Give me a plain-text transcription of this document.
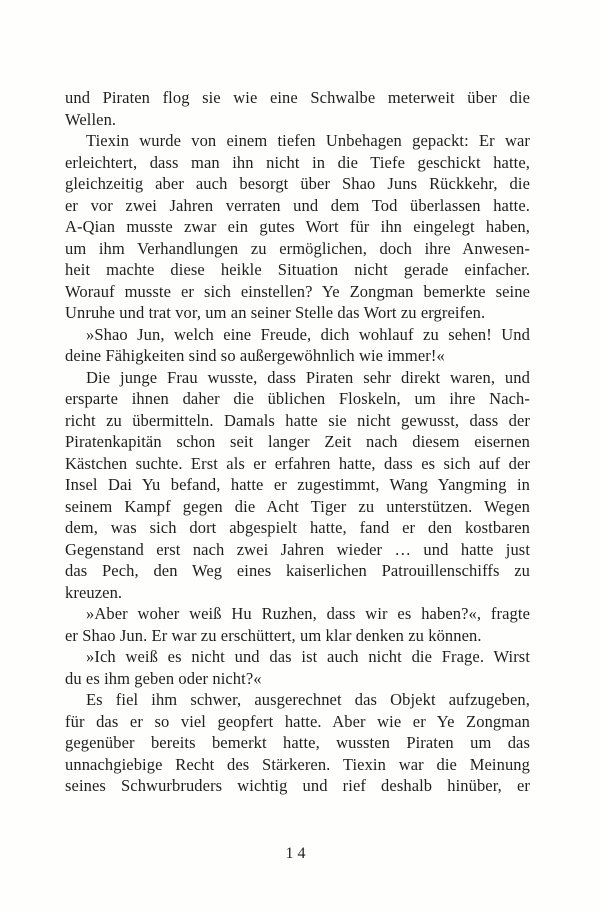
und Piraten flog sie wie eine Schwalbe meterweit über die
Wellen.
Tiexin wurde von einem tiefen Unbehagen gepackt: Er war
erleichtert, dass man ihn nicht in die Tiefe geschickt hatte,
gleichzeitig aber auch besorgt über Shao Juns Rückkehr, die
er vor zwei Jahren verraten und dem Tod überlassen hatte.
A-Qian musste zwar ein gutes Wort für ihn eingelegt haben,
um ihm Verhandlungen zu ermöglichen, doch ihre Anwesen-
heit machte diese heikle Situation nicht gerade einfacher.
Worauf musste er sich einstellen? Ye Zongman bemerkte seine
Unruhe und trat vor, um an seiner Stelle das Wort zu ergreifen.
»Shao Jun, welch eine Freude, dich wohlauf zu sehen! Und
deine Fähigkeiten sind so außergewöhnlich wie immer!«
Die junge Frau wusste, dass Piraten sehr direkt waren, und
ersparte ihnen daher die üblichen Floskeln, um ihre Nach-
richt zu übermitteln. Damals hatte sie nicht gewusst, dass der
Piratenkapitän schon seit langer Zeit nach diesem eisernen
Kästchen suchte. Erst als er erfahren hatte, dass es sich auf der
Insel Dai Yu befand, hatte er zugestimmt, Wang Yangming in
seinem Kampf gegen die Acht Tiger zu unterstützen. Wegen
dem, was sich dort abgespielt hatte, fand er den kostbaren
Gegenstand erst nach zwei Jahren wieder … und hatte just
das Pech, den Weg eines kaiserlichen Patrouillenschiffs zu
kreuzen.
»Aber woher weiß Hu Ruzhen, dass wir es haben?«, fragte
er Shao Jun. Er war zu erschüttert, um klar denken zu können.
»Ich weiß es nicht und das ist auch nicht die Frage. Wirst
du es ihm geben oder nicht?«
Es fiel ihm schwer, ausgerechnet das Objekt aufzugeben,
für das er so viel geopfert hatte. Aber wie er Ye Zongman
gegenüber bereits bemerkt hatte, wussten Piraten um das
unnachgiebige Recht des Stärkeren. Tiexin war die Meinung
seines Schwurbruders wichtig und rief deshalb hinüber, er
14
